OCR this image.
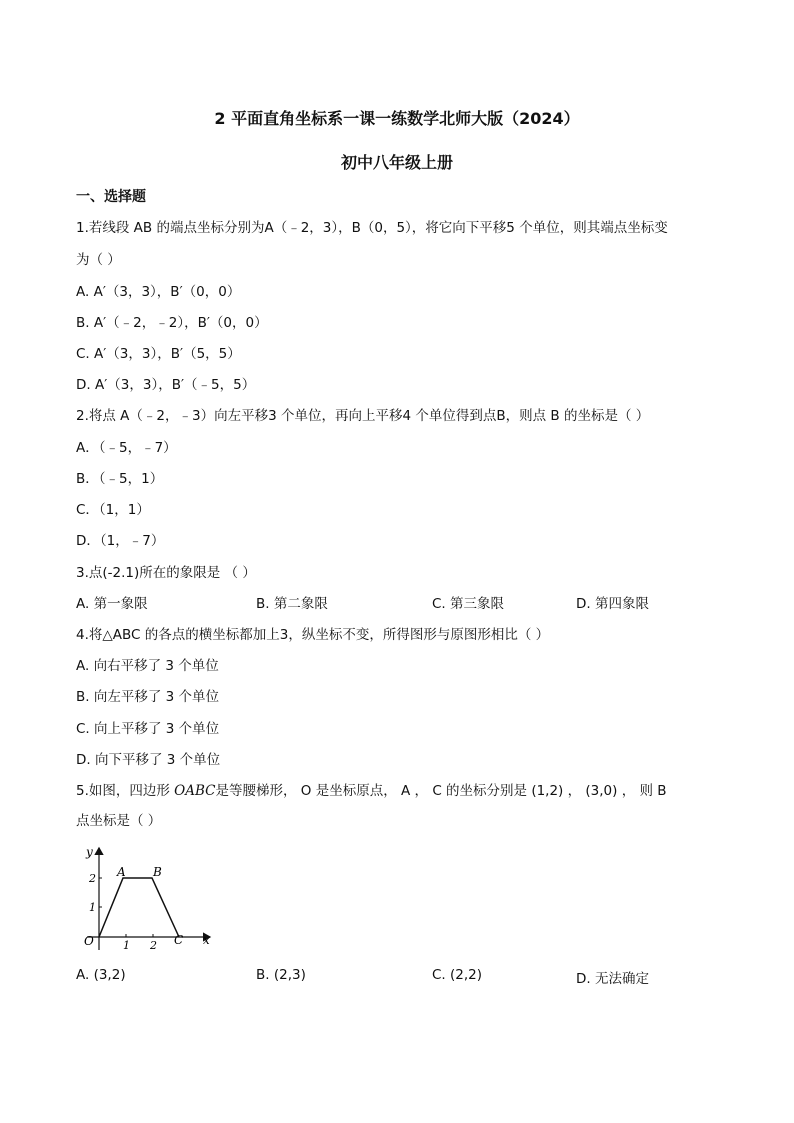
2 平面直角坐标系一课一练数学北师大版（2024）
初中八年级上册
一、选择题
1.若线段 AB 的端点坐标分别为A（﹣2，3），B（0，5），将它向下平移5 个单位，则其端点坐标变
为（ ）
A. A′（3，3），B′（0，0）
B. A′（﹣2，﹣2），B′（0，0）
C. A′（3，3），B′（5，5）
D. A′（3，3），B′（﹣5，5）
2.将点 A（﹣2，﹣3）向左平移3 个单位，再向上平移4 个单位得到点B，则点 B 的坐标是（ ）
A．（﹣5，﹣7）
B．（﹣5，1）
C．（1，1）
D．（1，﹣7）
3.点(-2.1)所在的象限是 （ ）
A. 第一象限	B. 第二象限	C. 第三象限	D. 第四象限
4.将△ABC 的各点的横坐标都加上3，纵坐标不变，所得图形与原图形相比（ ）
A. 向右平移了 3 个单位
B. 向左平移了 3 个单位
C. 向上平移了 3 个单位
D. 向下平移了 3 个单位
5.如图，四边形 OABC是等腰梯形， O 是坐标原点， A ， C 的坐标分别是 (1,2) ， (3,0) ， 则 B
点坐标是（ ）
y
x
O
A B
C
1 2
1
2
A. (3,2)	B. (2,3)	C. (2,2)	D. 无法确定
